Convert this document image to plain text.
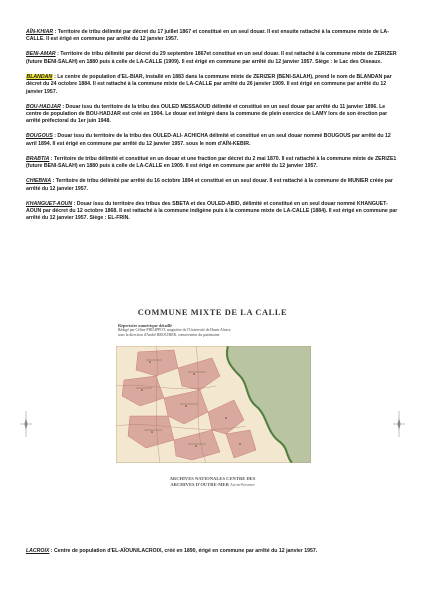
AÏN-KHIAR : Territoire de tribu délimité par décret du 17 juillet 1867 et constitué en un seul douar. Il est ensuite rattaché à la commune mixte de LA-CALLE. Il est érigé en commune par arrêté du 12 janvier 1957.

BENI-AMAR : Territoire de tribu délimité par décret du 29 septembre 1867et constitué en un seul douar. Il est rattaché à la commune mixte de ZERIZER (future BENI-SALAH) en 1880 puis à celle de LA-CALLE (1909). Il est érigé en commune par arrêté du 12 janvier 1957. Siège : le Lac des Oiseaux.

BLANDAN : Le centre de population d'EL-BIAR, installé en 1883 dans la commune mixte de ZERIZER (BENI-SALAH), prend le nom de BLANDAN par décret du 24 octobre 1884. Il est rattaché à la commune mixte de LA-CALLE par arrêté du 26 janvier 1909. Il est érigé en commune par arrêté du 12 janvier 1957.

BOU-HADJAR : Douar issu du territoire de la tribu des OULED MESSAOUD délimité et constitué en un seul douar par arrêté du 11 janvier 1896. Le centre de population de BOU-HADJAR est créé en 1904. Le douar est intégré dans la commune de plein exercice de LAMY lors de son érection par arrêté préfectoral du 1er juin 1948.

BOUGOUS : Douar issu du territoire de la tribu des OULED-ALI- ACHICHA délimité et constitué en un seul douar nommé BOUGOUS par arrêté du 12 avril 1894. Il est érigé en commune par arrêté du 12 janvier 1957. sous le nom d'AÏN-KEBIR.

BRABTIA : Territoire de tribu délimité et constitué en un douar et une fraction par décret du 2 mai 1870. Il est rattaché à la commune mixte de ZERIZE1 (future BENI-SALAH) en 1880 puis à celle de LA-CALLE en 1909. Il est érigé en commune par arrêté du 12 janvier 1957.

CHIEBNIA : Territoire de tribu délimité par arrêté du 16 octobre 1894 et constitué en un seul douar. Il est rattaché à la commune de MUNIER créée par arrêté du 12 janvier 1957.

KHANGUET-AOUN : Douar issu du territoire des tribus des SBETA et des OULED-ABID, délimité et constitué en un seul douar nommé KHANGUET-AOUN par décret du 12 octobre 1868. Il est rattaché à la commune indigène puis à la commune mixte de LA-CALLE (1884). Il est érigé en commune par arrêté du 12 janvier 1957. Siège : EL-FRIN.

COMMUNE MIXTE DE LA CALLE
Répertoire numérique détaillé
Rédigé par Céline PHILIPPOT, magistère de l'Université de Haute Alsace,
sous la direction d'André BROCHIER, conservateur du patrimoine
ARCHIVES NATIONALES CENTRE DES
ARCHIVES D'OUTRE-MER Aix-en-Provence

LACROIX : Centre de population d'EL-AÏOUN/LACROIX, créé en 1890, érigé en commune par arrêté du 12 janvier 1957.
